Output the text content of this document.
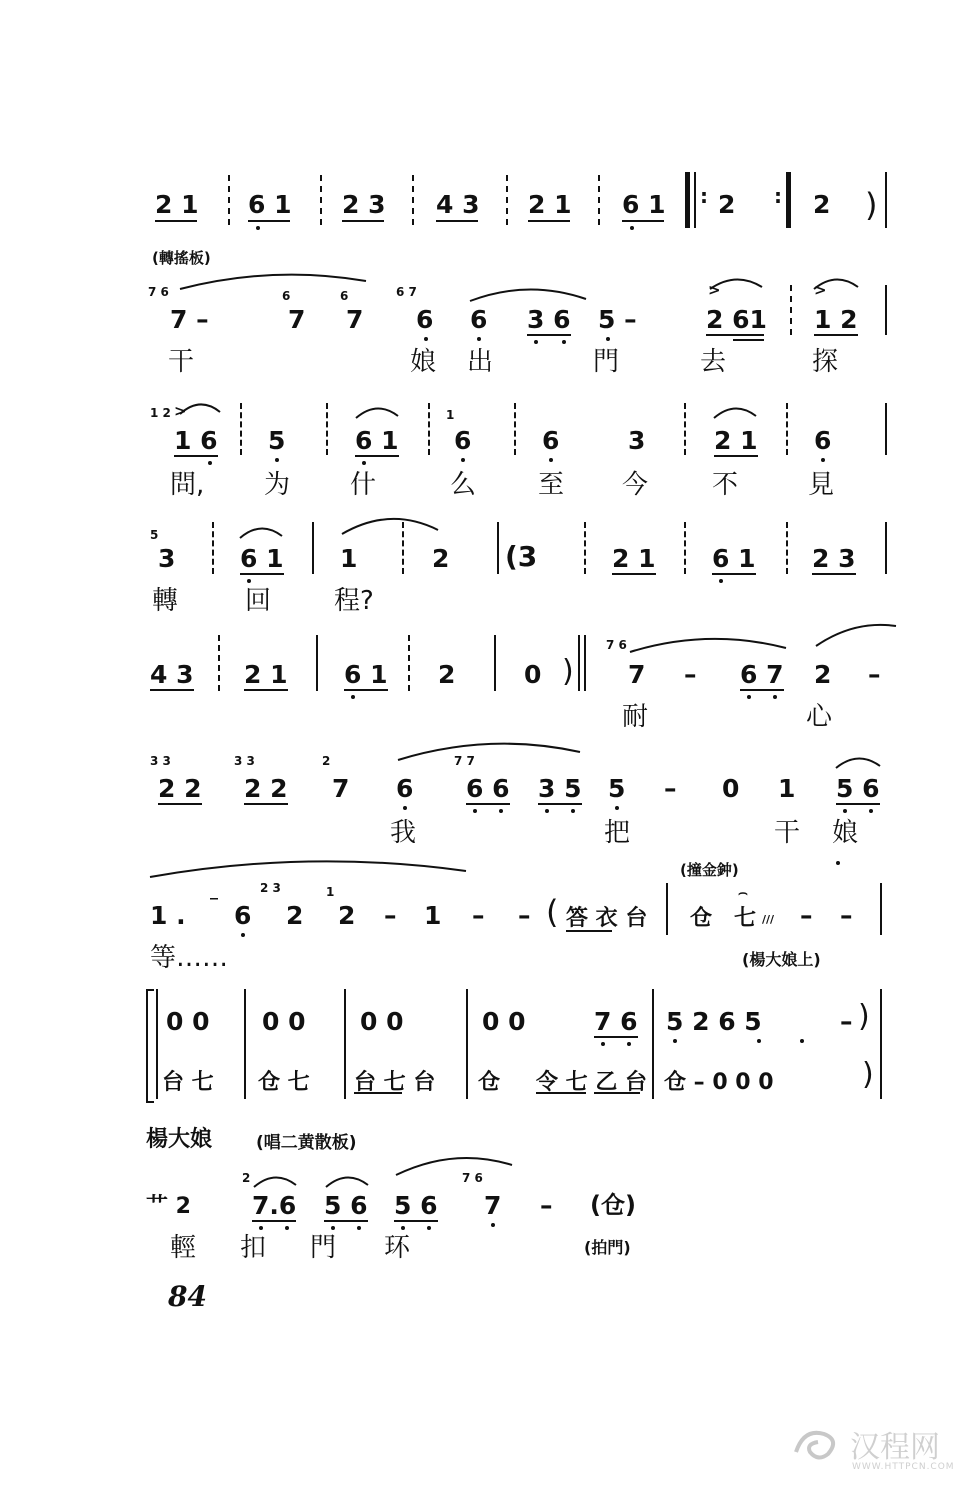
2 1 6 1 2 3 4 3 2 1 6 1 : 2 : 2 )
(轉搖板)
7 6
7 –
6
7
6
7
6 7
6 6 3 6 5 –
>
2 61
>
1 2
干	娘 出	門	去	探
1 2 >
1 6 5	6 1
1
6	6	3	2 1 6
問, 为 什	么 至 今 不	見
5
3	6 1 1	2 (3	2 1 6 1 2 3
轉	回 程?
4 3 2 1 6 1 2	0 )
7 6
7 – 6 7 2 –
耐	心
3 3
2 2
3 3
2 2
2
7 6
7 7
6 6 3 5 5 – 0 1 5 6
我	把	干 娘
(撞金鈡)
2 3	1
1 . ‾ 6 2 2 – 1 – – ( 答 衣 台 仓
⌢
七 /// – –
等……	(楊大娘上)
0 0 0 0 0 0	0 0	7 6 5 2 6 5	– )
台 七 仓 七 台 七 台 仓 令 七 乙 台 仓 – 0 0 0	)
楊大娘	(唱二黄散板)
艹 2
2
7.6 5 6 5 6
7 6
7 – (仓)
輕 扣 門 环	(拍門)
84
汉程网
WWW.HTTPCN.COM
